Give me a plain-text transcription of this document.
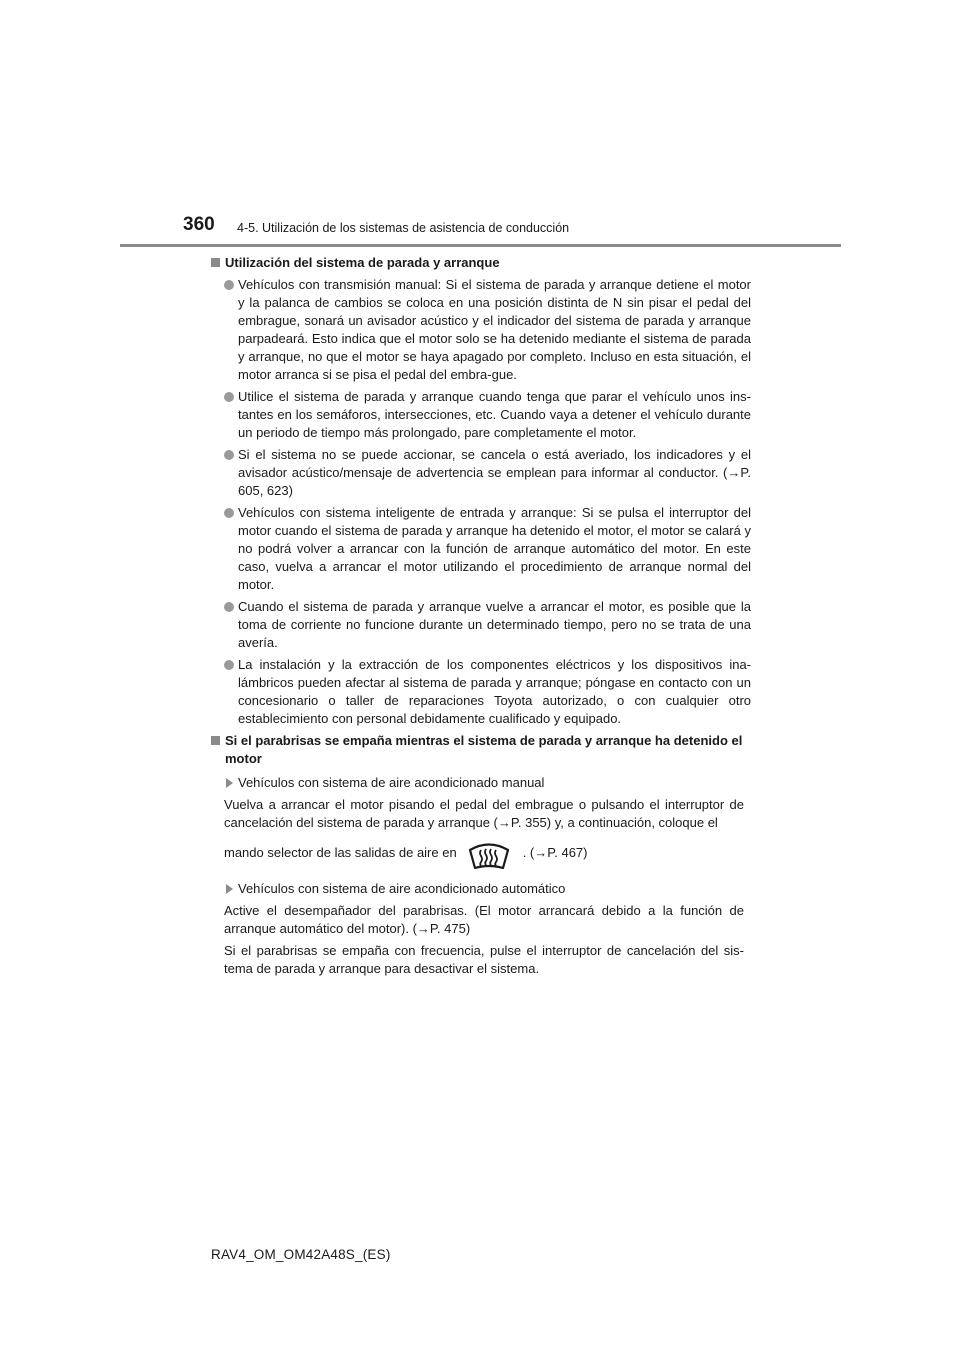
360 4-5. Utilización de los sistemas de asistencia de conducción
Utilización del sistema de parada y arranque
Vehículos con transmisión manual: Si el sistema de parada y arranque detiene el motor y la palanca de cambios se coloca en una posición distinta de N sin pisar el pedal del embrague, sonará un avisador acústico y el indicador del sistema de parada y arranque parpadeará. Esto indica que el motor solo se ha detenido mediante el sistema de parada y arranque, no que el motor se haya apagado por completo. Incluso en esta situación, el motor arranca si se pisa el pedal del embra-gue.
Utilice el sistema de parada y arranque cuando tenga que parar el vehículo unos ins-tantes en los semáforos, intersecciones, etc. Cuando vaya a detener el vehículo durante un periodo de tiempo más prolongado, pare completamente el motor.
Si el sistema no se puede accionar, se cancela o está averiado, los indicadores y el avisador acústico/mensaje de advertencia se emplean para informar al conductor. (→P. 605, 623)
Vehículos con sistema inteligente de entrada y arranque: Si se pulsa el interruptor del motor cuando el sistema de parada y arranque ha detenido el motor, el motor se calará y no podrá volver a arrancar con la función de arranque automático del motor. En este caso, vuelva a arrancar el motor utilizando el procedimiento de arranque normal del motor.
Cuando el sistema de parada y arranque vuelve a arrancar el motor, es posible que la toma de corriente no funcione durante un determinado tiempo, pero no se trata de una avería.
La instalación y la extracción de los componentes eléctricos y los dispositivos ina-lámbricos pueden afectar al sistema de parada y arranque; póngase en contacto con un concesionario o taller de reparaciones Toyota autorizado, o con cualquier otro establecimiento con personal debidamente cualificado y equipado.
Si el parabrisas se empaña mientras el sistema de parada y arranque ha detenido el motor
Vehículos con sistema de aire acondicionado manual
Vuelva a arrancar el motor pisando el pedal del embrague o pulsando el interruptor de cancelación del sistema de parada y arranque (→P. 355) y, a continuación, coloque el
mando selector de las salidas de aire en	. (→P. 467)
Vehículos con sistema de aire acondicionado automático
Active el desempañador del parabrisas. (El motor arrancará debido a la función de arranque automático del motor). (→P. 475)
Si el parabrisas se empaña con frecuencia, pulse el interruptor de cancelación del sis-tema de parada y arranque para desactivar el sistema.
RAV4_OM_OM42A48S_(ES)
